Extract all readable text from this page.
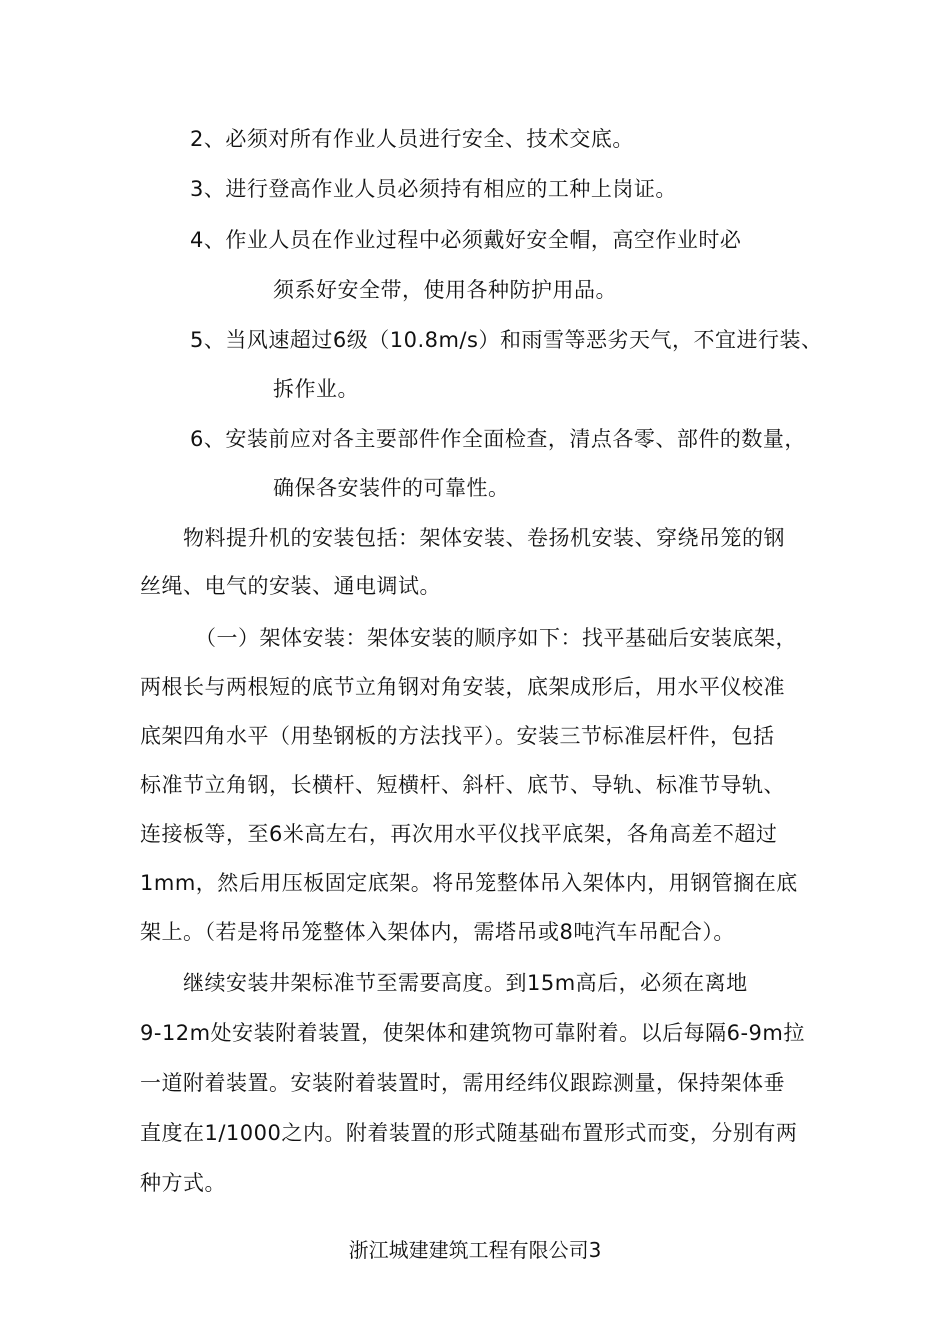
2、必须对所有作业人员进行安全、技术交底。
3、进行登高作业人员必须持有相应的工种上岗证。
4、作业人员在作业过程中必须戴好安全帽，高空作业时必
须系好安全带，使用各种防护用品。
5、当风速超过6级（10.8m/s）和雨雪等恶劣天气，不宜进行装、
拆作业。
6、安装前应对各主要部件作全面检查，清点各零、部件的数量，
确保各安装件的可靠性。
物料提升机的安装包括：架体安装、卷扬机安装、穿绕吊笼的钢
丝绳、电气的安装、通电调试。
（一）架体安装：架体安装的顺序如下：找平基础后安装底架，
两根长与两根短的底节立角钢对角安装，底架成形后，用水平仪校准
底架四角水平（用垫钢板的方法找平）。安装三节标准层杆件，包括
标准节立角钢，长横杆、短横杆、斜杆、底节、导轨、标准节导轨、
连接板等，至6米高左右，再次用水平仪找平底架，各角高差不超过
1mm，然后用压板固定底架。将吊笼整体吊入架体内，用钢管搁在底
架上。（若是将吊笼整体入架体内，需塔吊或8吨汽车吊配合）。
继续安装井架标准节至需要高度。到15m高后，必须在离地
9-12m处安装附着装置，使架体和建筑物可靠附着。以后每隔6-9m拉
一道附着装置。安装附着装置时，需用经纬仪跟踪测量，保持架体垂
直度在1/1000之内。附着装置的形式随基础布置形式而变，分别有两
种方式。
浙江城建建筑工程有限公司3
